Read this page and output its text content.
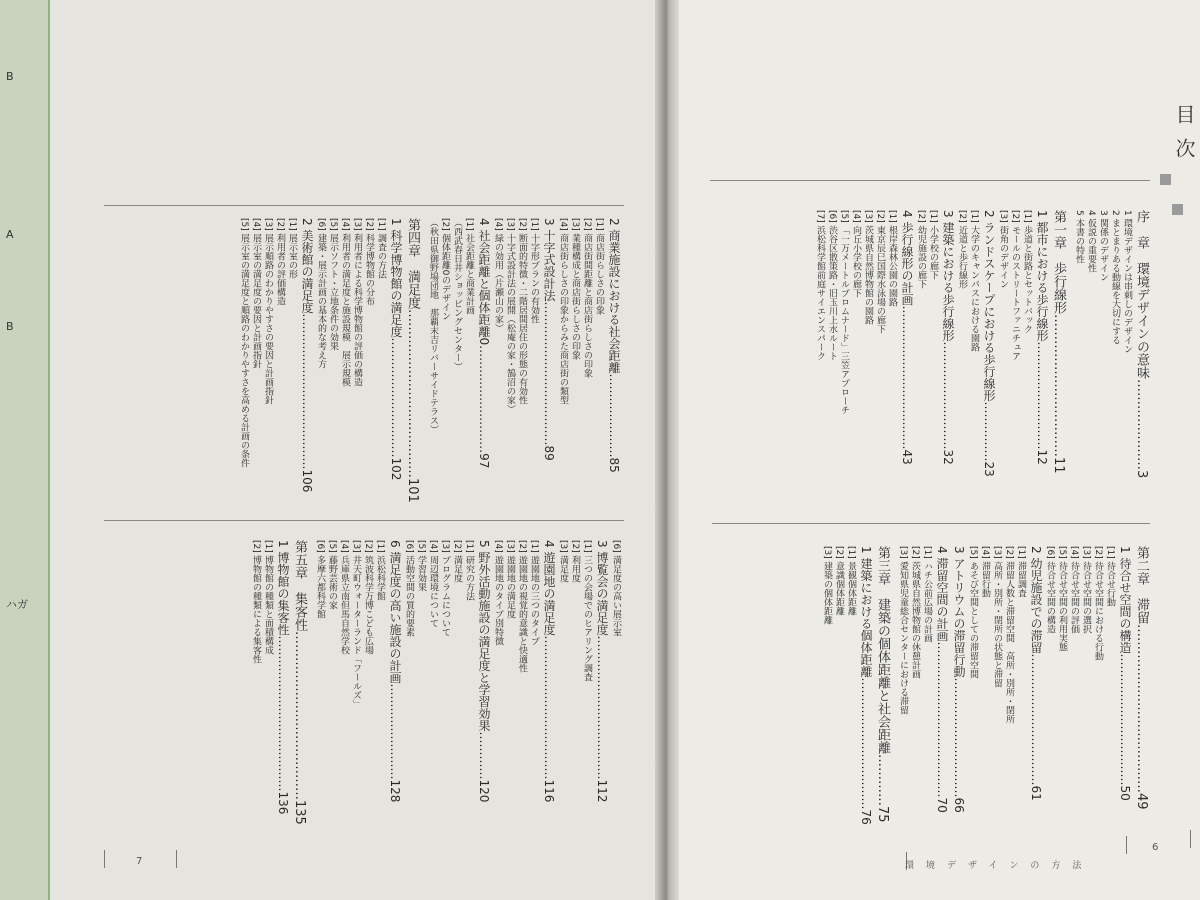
B
A
B
ハガ
目次
序　章　環境デザインの意味…………………3
1 環境デザインは串刺しのデザイン
2 まとまりある動線を大切にする
3 関係のデザイン
4 仮説の重要性
5 本書の特性
第一章　歩行線形……………………………11
1 都市における歩行線形………………………12
[1] 歩道と街路とセットバック
[2] モールのストリートファニチュア
[3] 街角のデザイン
2 ランドスケープにおける歩行線形……………23
[1] 大学のキャンパスにおける園路
[2] 近道と歩行線形
3 建築における歩行線形………………………32
[1] 小学校の廊下
[2] 幼児施設の廊下
4 歩行線形の計画………………………………43
[1] 根岸森林公園の園路
[2] 東京辰巳国際水泳場の廊下
[3] 茨城県自然博物館の園路
[4] 向丘小学校の廊下
[5] 「一万メートルプロムナード」三笠アプローチ
[6] 渋谷区散策路・旧玉川上水ルート
[7] 浜松科学館前庭サイエンスパーク
第二章　滞留…………………………………49
1 待合せ空間の構造……………………………50
[1] 待合せ行動
[2] 待合せ空間における行動
[3] 待合せ空間の選択
[4] 待合せ空間の評価
[5] 待合せ空間の利用実態
[6] 待合せ空間の構造
2 幼児施設での滞留……………………………61
[1] 滞留調査
[2] 滞留人数と滞留空間　高所・別所・閉所
[3] 高所・別所・閉所の状態と滞留
[4] 滞留行動
[5] あそび空間としての滞留空間
3 アトリウムの滞留行動…………………………66
4 滞留空間の計画…………………………………70
[1] ハチ公前広場の計画
[2] 茨城県自然博物館の休憩計画
[3] 愛知県児童総合センターにおける滞留
第三章　建築の個体距離と社会距離…………75
1 建築における個体距離……………………………76
[1] 景観個体距離
[2] 意識個体距離
[3] 建築の個体距離
2 商業施設における社会距離…………………85
[1] 商店街らしさの印象
[2] 商店街間距離と商店街らしさの印象
[3] 業種構成と商店街らしさの印象
[4] 商店街らしさの印象からみた商店街の類型
3 十字式設計法………………………………89
[1] 十字形プランの有効性
[2] 断面的特徴・二階居間居住の形態の有効性
[3] 十字式設計法の展開（松庵の家・鵠沼の家）
[4] 緑の効用（片瀬山の家）
4 社会距離と個体距離0………………………97
[1] 社会距離と商業計画
（西武春日井ショッピングセンター）
[2] 個体距離0のデザイン
（秋田県御野場団地　那覇末吉リバーサイドテラス）
第四章　満足度…………………………………101
1 科学博物館の満足度…………………………102
[1] 調査の方法
[2] 科学博物館の分布
[3] 利用者による科学博物館の評価の構造
[4] 利用者の満足度と施設規模　展示規模
[5] 展示ソフト・立地条件の効果
[6] 建築・展示計画の基本的な考え方
2 美術館の満足度…………………………………106
[1] 展示室の形
[2] 利用者の評価構造
[3] 展示順路のわかりやすさの要因と計画指針
[4] 展示室の満足度の要因と計画指針
[5] 展示室の満足度と順路のわかりやすさを高める計画の条件
[6] 満足度の高い展示室
3 博覧会の満足度………………………………112
[1] 三つの会場でのヒアリング調査
[2] 利用度
[3] 満足度
4 遊園地の満足度………………………………116
[1] 遊園地の三つのタイプ
[2] 遊園地の視覚的意識と快適性
[3] 遊園地の満足度
[4] 遊園地のタイプ別特徴
5 野外活動施設の満足度と学習効果…………120
[1] 研究の方法
[2] 満足度
[3] プログラムについて
[4] 周辺環境について
[5] 学習効果
[6] 活動空間の質的要素
6 満足度の高い施設の計画……………………128
[1] 浜松科学館
[2] 筑波科学万博こども広場
[3] 井天町ウォーターランド「フールズ」
[4] 兵庫県立南但馬自然学校
[5] 藤野芸術の家
[6] 多摩六都科学館
第五章　集客性…………………………………135
1 博物館の集客性…………………………………136
[1] 博物館の種類と面積構成
[2] 博物館の種類による集客性
環境デザインの方法
6
7
